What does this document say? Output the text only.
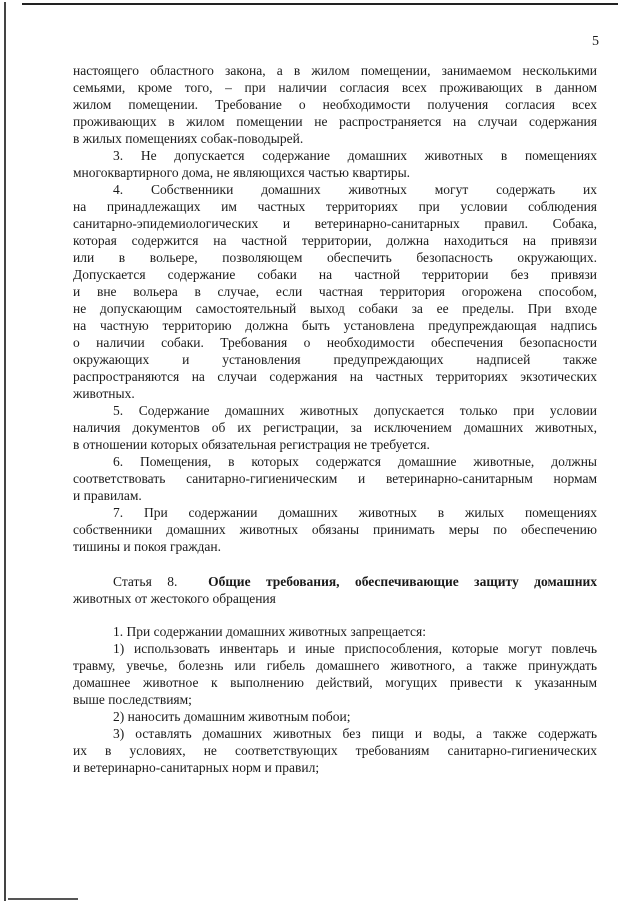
5
настоящего областного закона, а в жилом помещении, занимаемом несколькими
семьями, кроме того, – при наличии согласия всех проживающих в данном
жилом помещении. Требование о необходимости получения согласия всех
проживающих в жилом помещении не распространяется на случаи содержания
в жилых помещениях собак-поводырей.
3. Не допускается содержание домашних животных в помещениях
многоквартирного дома, не являющихся частью квартиры.
4. Собственники домашних животных могут содержать их
на принадлежащих им частных территориях при условии соблюдения
санитарно-эпидемиологических и ветеринарно-санитарных правил. Собака,
которая содержится на частной территории, должна находиться на привязи
или в вольере, позволяющем обеспечить безопасность окружающих.
Допускается содержание собаки на частной территории без привязи
и вне вольера в случае, если частная территория огорожена способом,
не допускающим самостоятельный выход собаки за ее пределы. При входе
на частную территорию должна быть установлена предупреждающая надпись
о наличии собаки. Требования о необходимости обеспечения безопасности
окружающих и установления предупреждающих надписей также
распространяются на случаи содержания на частных территориях экзотических
животных.
5. Содержание домашних животных допускается только при условии
наличия документов об их регистрации, за исключением домашних животных,
в отношении которых обязательная регистрация не требуется.
6. Помещения, в которых содержатся домашние животные, должны
соответствовать санитарно-гигиеническим и ветеринарно-санитарным нормам
и правилам.
7. При содержании домашних животных в жилых помещениях
собственники домашних животных обязаны принимать меры по обеспечению
тишины и покоя граждан.
Статья 8. Общие требования, обеспечивающие защиту домашних
животных от жестокого обращения
1. При содержании домашних животных запрещается:
1) использовать инвентарь и иные приспособления, которые могут повлечь
травму, увечье, болезнь или гибель домашнего животного, а также принуждать
домашнее животное к выполнению действий, могущих привести к указанным
выше последствиям;
2) наносить домашним животным побои;
3) оставлять домашних животных без пищи и воды, а также содержать
их в условиях, не соответствующих требованиям санитарно-гигиенических
и ветеринарно-санитарных норм и правил;
